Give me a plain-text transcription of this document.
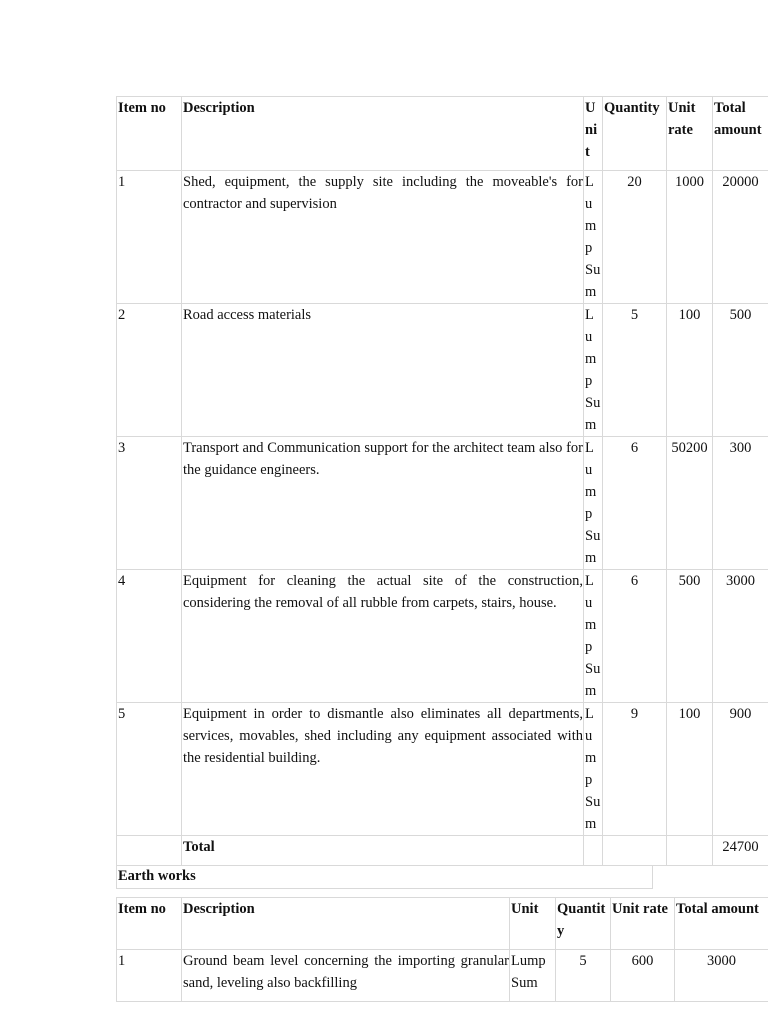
Item no	Description	Unit	Quantity	Unit rate	Total amount
1	Shed, equipment, the supply site including the moveable's for contractor and supervision	Lump Sum	20	1000	20000
2	Road access materials	Lump Sum	5	100	500
3	Transport and Communication support for the architect team also for the guidance engineers.	Lump Sum	6	50200	300
4	Equipment for cleaning the actual site of the construction, considering the removal of all rubble from carpets, stairs, house.	Lump Sum	6	500	3000
5	Equipment in order to dismantle also eliminates all departments, services, movables, shed including any equipment associated with the residential building.	Lump Sum	9	100	900
	Total				24700
Earth works
Item no	Description	Unit	Quantity	Unit rate	Total amount
1	Ground beam level concerning the importing granular sand, leveling also backfilling	Lump Sum	5	600	3000
